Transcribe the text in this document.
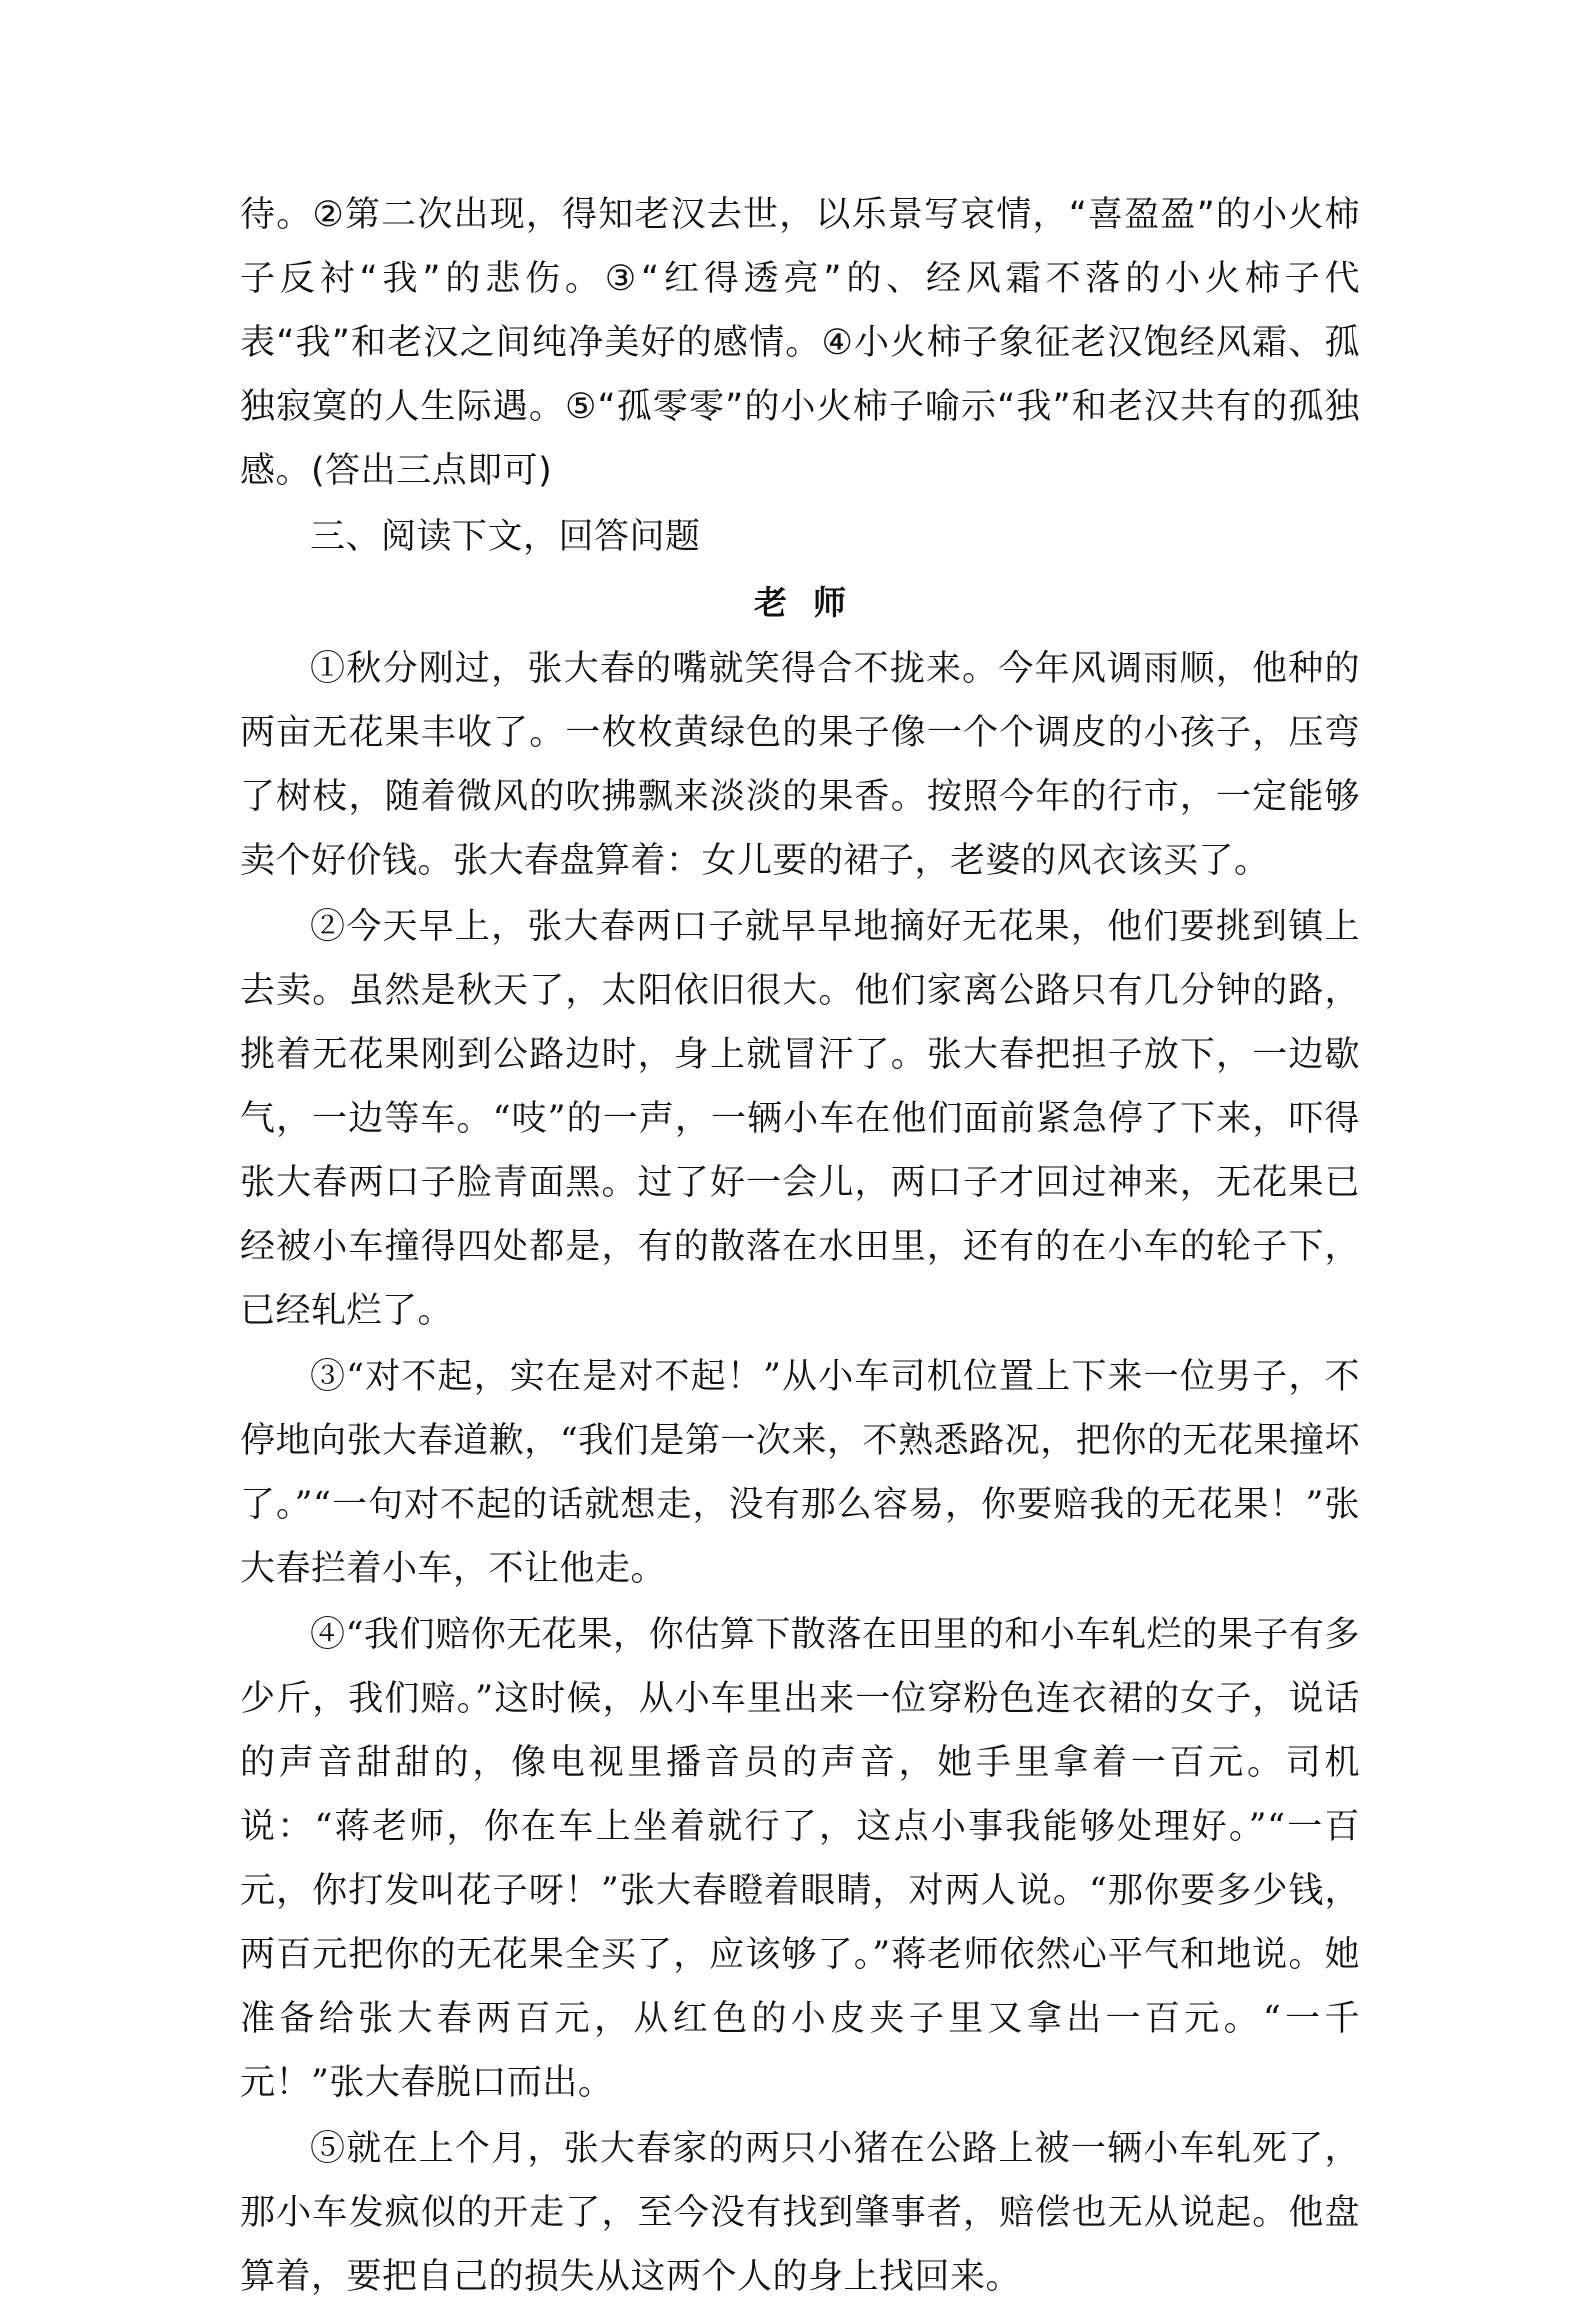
待。②第二次出现，得知老汉去世，以乐景写哀情，“喜盈盈”的小火柿子反衬“我”的悲伤。③“红得透亮”的、经风霜不落的小火柿子代表“我”和老汉之间纯净美好的感情。④小火柿子象征老汉饱经风霜、孤独寂寞的人生际遇。⑤“孤零零”的小火柿子喻示“我”和老汉共有的孤独感。(答出三点即可)

三、阅读下文，回答问题

老师

①秋分刚过，张大春的嘴就笑得合不拢来。今年风调雨顺，他种的两亩无花果丰收了。一枚枚黄绿色的果子像一个个调皮的小孩子，压弯了树枝，随着微风的吹拂飘来淡淡的果香。按照今年的行市，一定能够卖个好价钱。张大春盘算着：女儿要的裙子，老婆的风衣该买了。

②今天早上，张大春两口子就早早地摘好无花果，他们要挑到镇上去卖。虽然是秋天了，太阳依旧很大。他们家离公路只有几分钟的路，挑着无花果刚到公路边时，身上就冒汗了。张大春把担子放下，一边歇气，一边等车。“吱”的一声，一辆小车在他们面前紧急停了下来，吓得张大春两口子脸青面黑。过了好一会儿，两口子才回过神来，无花果已经被小车撞得四处都是，有的散落在水田里，还有的在小车的轮子下，已经轧烂了。

③“对不起，实在是对不起！”从小车司机位置上下来一位男子，不停地向张大春道歉，“我们是第一次来，不熟悉路况，把你的无花果撞坏了。”“一句对不起的话就想走，没有那么容易，你要赔我的无花果！”张大春拦着小车，不让他走。

④“我们赔你无花果，你估算下散落在田里的和小车轧烂的果子有多少斤，我们赔。”这时候，从小车里出来一位穿粉色连衣裙的女子，说话的声音甜甜的，像电视里播音员的声音，她手里拿着一百元。司机说：“蒋老师，你在车上坐着就行了，这点小事我能够处理好。”“一百元，你打发叫花子呀！”张大春瞪着眼睛，对两人说。“那你要多少钱，两百元把你的无花果全买了，应该够了。”蒋老师依然心平气和地说。她准备给张大春两百元，从红色的小皮夹子里又拿出一百元。“一千元！”张大春脱口而出。

⑤就在上个月，张大春家的两只小猪在公路上被一辆小车轧死了，那小车发疯似的开走了，至今没有找到肇事者，赔偿也无从说起。他盘算着，要把自己的损失从这两个人的身上找回来。
